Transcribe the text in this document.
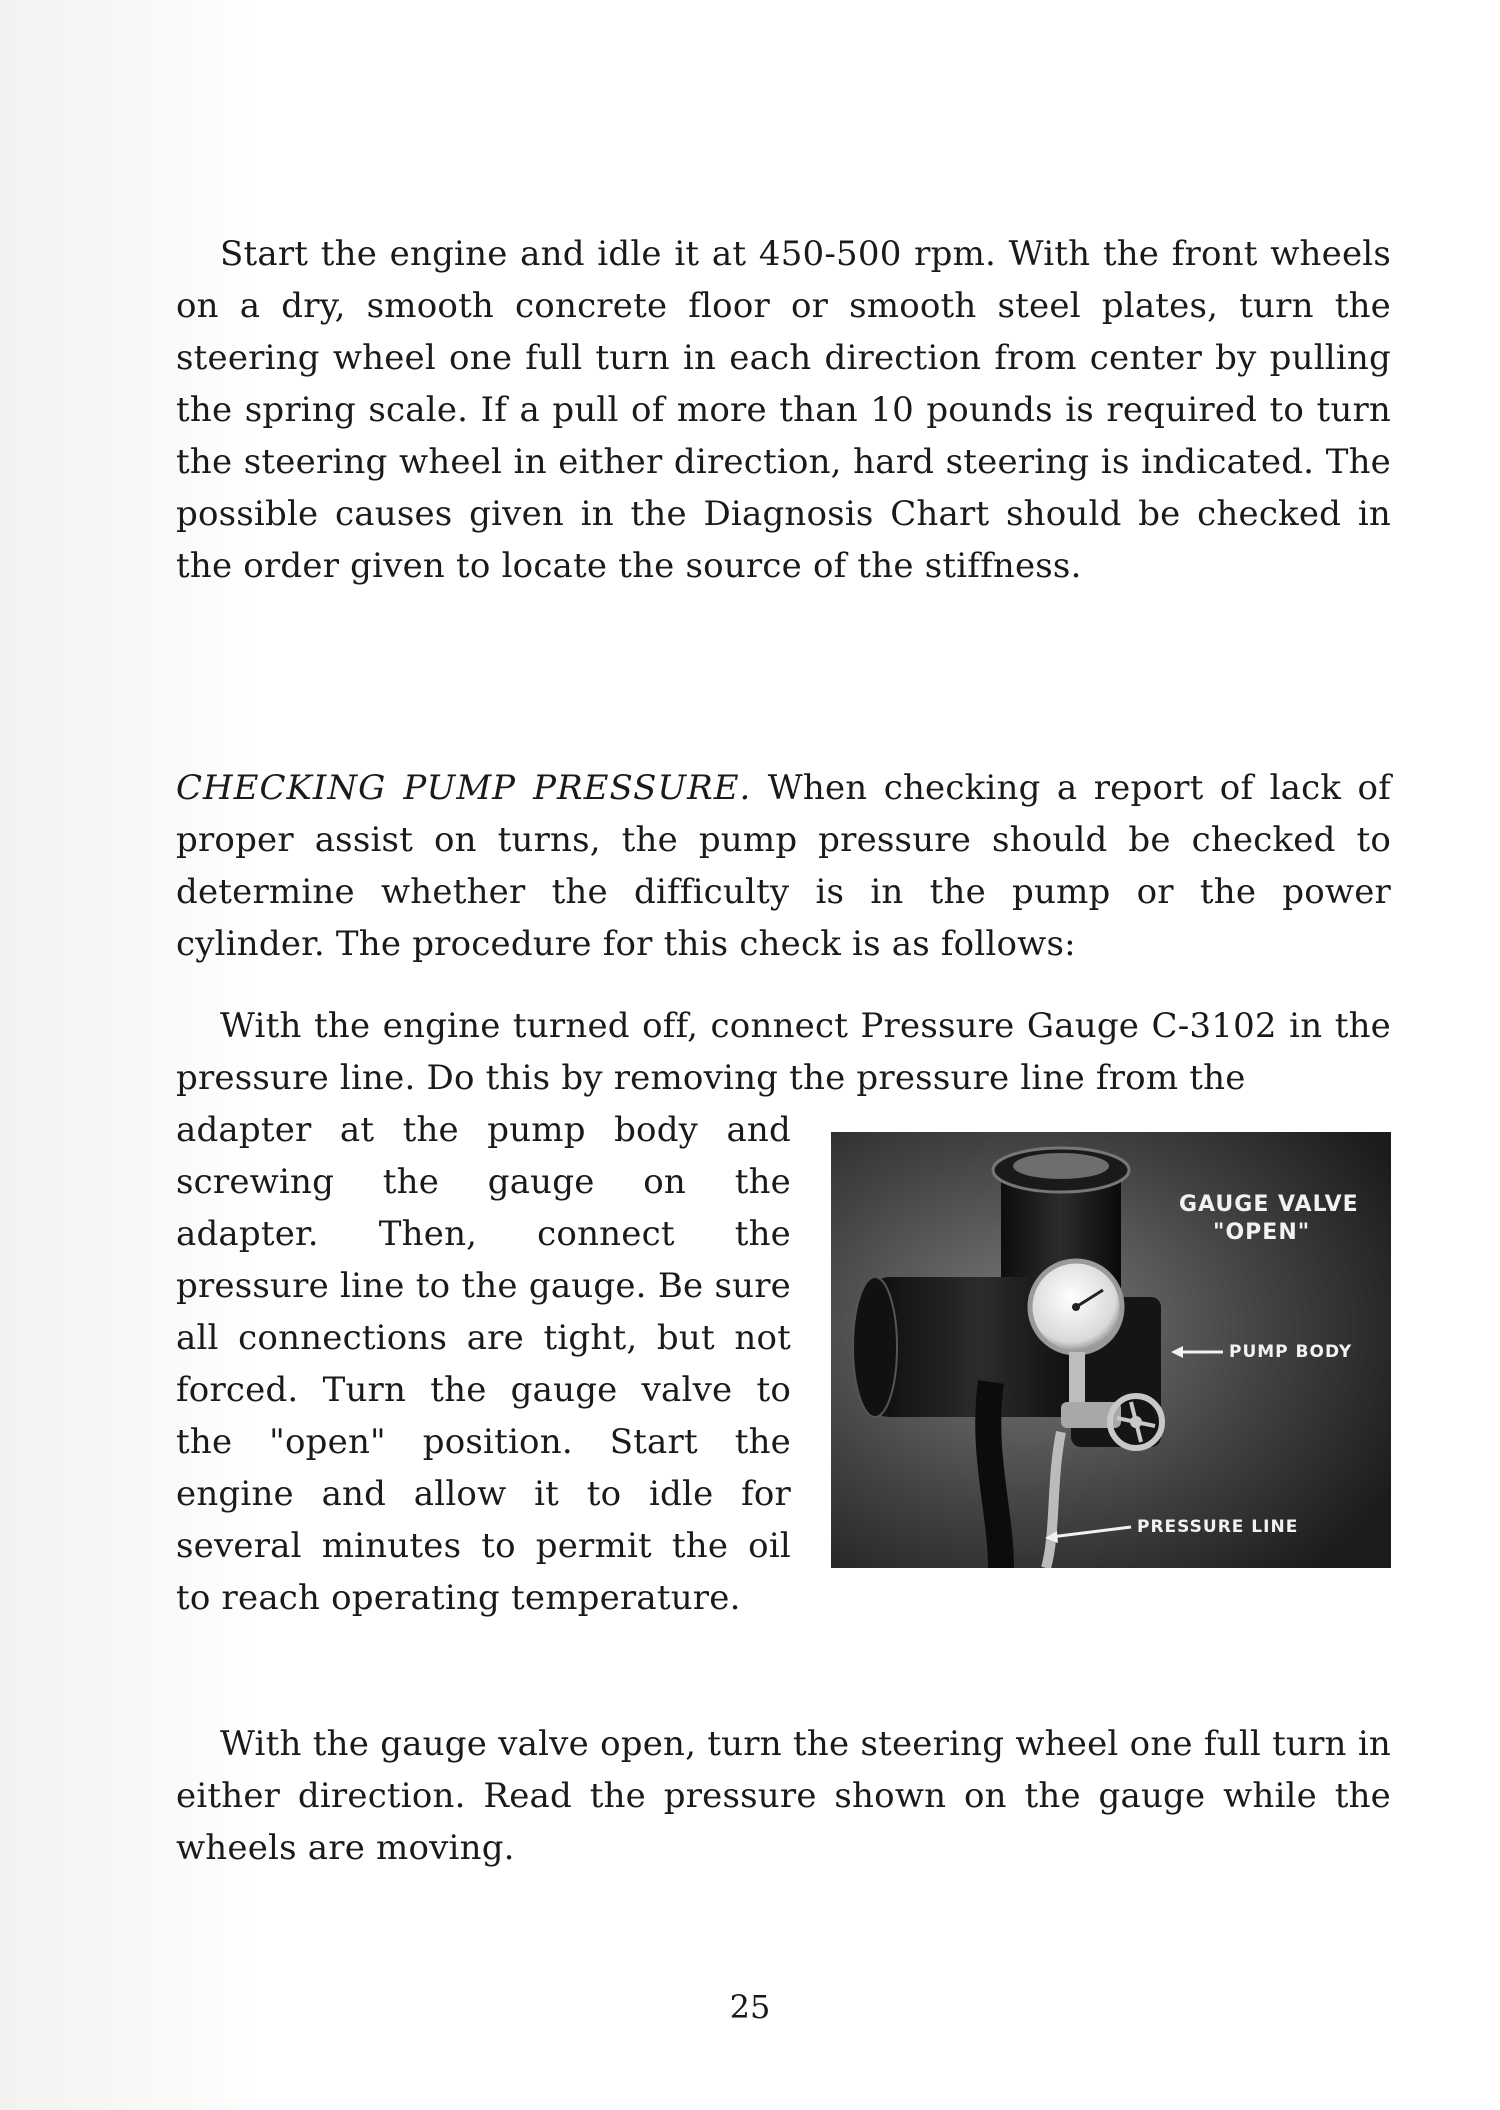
Start the engine and idle it at 450-500 rpm. With the front wheels on a dry, smooth concrete floor or smooth steel plates, turn the steering wheel one full turn in each direction from center by pulling the spring scale. If a pull of more than 10 pounds is required to turn the steering wheel in either direction, hard steering is indicated. The possible causes given in the Diagnosis Chart should be checked in the order given to locate the source of the stiffness.

CHECKING PUMP PRESSURE. When checking a report of lack of proper assist on turns, the pump pressure should be checked to determine whether the difficulty is in the pump or the power cylinder. The procedure for this check is as follows:

With the engine turned off, connect Pressure Gauge C-3102 in the pressure line. Do this by removing the pressure line from the

GAUGE VALVE
"OPEN"
PUMP BODY
PRESSURE LINE

adapter at the pump body and screwing the gauge on the adapter. Then, connect the pressure line to the gauge. Be sure all connections are tight, but not forced. Turn the gauge valve to the "open" position. Start the engine and allow it to idle for several minutes to permit the oil to reach operating temperature.

With the gauge valve open, turn the steering wheel one full turn in either direction. Read the pressure shown on the gauge while the wheels are moving.

25
